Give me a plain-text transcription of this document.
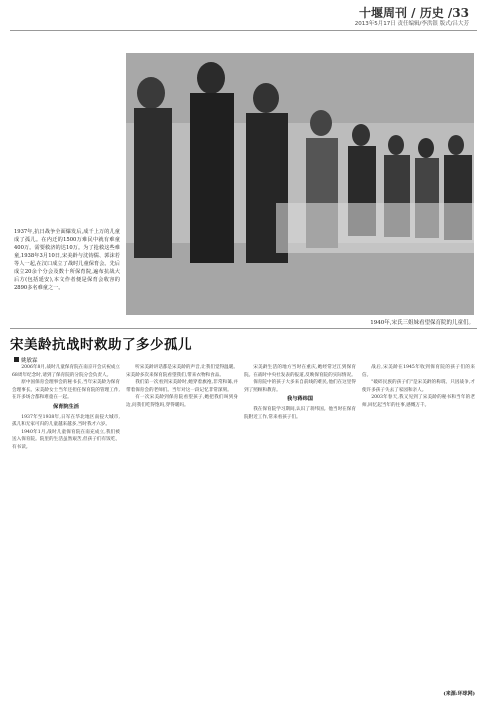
十堰周刊 / 历史 /33
2013年5月17日 责任编辑/李洪银 版式/吕大芳
1940年,宋氏三姐妹看望保育院的儿童们。
1937年,抗日战争全面爆发后,成千上万的儿童成了孤儿。在内迁的1500万难民中就有难童400万。需要救济的达10万。为了抢救这些难童,1938年3月10日,宋美龄与沈钧儒、郭沫若等人一起,在汉口成立了战时儿童保育会。先后成立20余个分会及数十所保育院,遍布抗战大后方(包括延安),本文作者便是保育会收容的2890多名难童之一。
宋美龄抗战时救助了多少孤儿
姚敏霖

2006年8月,战时儿童保育院在南京开会庆祝成立68周年纪念时,请到了保育院的分院分会负责人。

原中国保育会理事会的秘书长,当年宋美龄为保育会理事长。宋美龄女士当年还担任保育院的管理工作,在许多场合都和难童在一起。

保育院生活

1937年至1938年,日军在华北地区南侵大城市,孤儿和无家可归的儿童越来越多,当时我才六岁。

1940年1月,战时儿童保育院在南充成立,我们被送入保育院。院里的生活虽然艰苦,但孩子们有饭吃、有书读。

听宋美龄讲话都是宋美龄的声音,让我们觉得温暖。宋美龄多次来保育院看望我们,带来衣物和食品。

我们第一次看到宋美龄时,她穿着旗袍,非常和蔼,并带着保育会的老师们。当年对这一段记忆非常深刻。

有一次宋美龄到保育院看望孩子,她把我们叫到身边,问我们吃得饱吗,穿得暖吗。

宋美龄生活的地方当时在重庆,她经常过江到保育院。在战时中央社发表的报道,反映保育院的实际情况。

保育院中的孩子大多来自前线的难民,他们在这里得到了照顾和教育。

我与蒋纬国

我在保育院学习期间,认识了蒋纬国。他当时在保育院附近工作,常来看孩子们。

战后,宋美龄在1945年收到保育院的孩子们的来信。

"破碎民族的孩子们"是宋美龄的称谓。只因战争,才使许多孩子失去了家园和亲人。

2003年春天,我又见到了宋美龄的秘书和当年的老师,回忆起当年的往事,感慨万千。

(来源:环球网)
